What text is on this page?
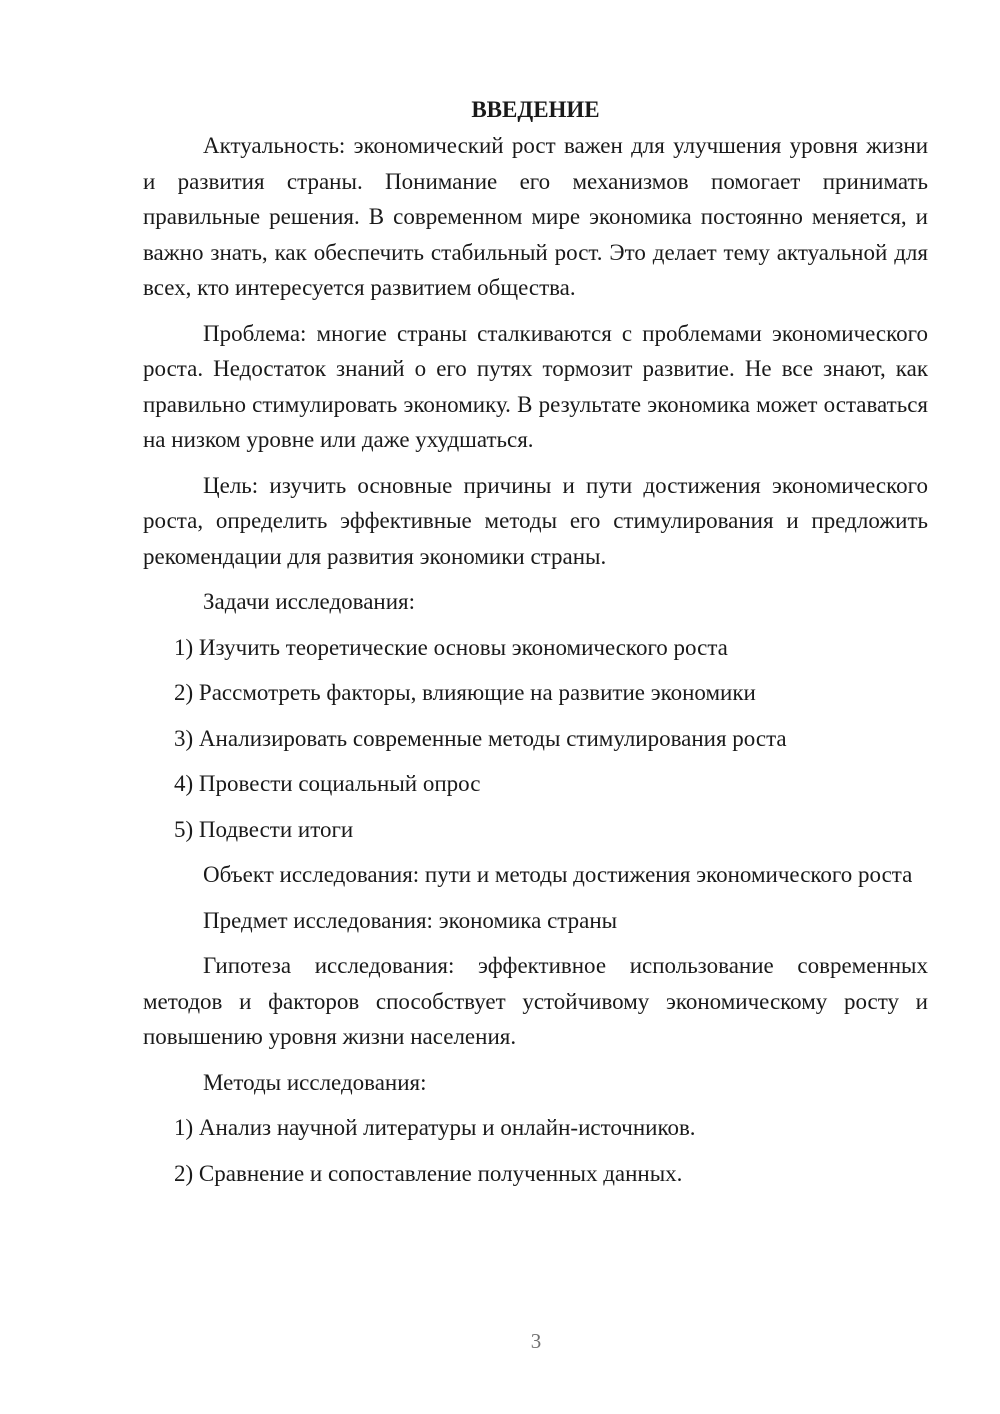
ВВЕДЕНИЕ

Актуальность: экономический рост важен для улучшения уровня жизни и развития страны. Понимание его механизмов помогает принимать правильные решения. В современном мире экономика постоянно меняется, и важно знать, как обеспечить стабильный рост. Это делает тему актуальной для всех, кто интересуется развитием общества.

Проблема: многие страны сталкиваются с проблемами экономического роста. Недостаток знаний о его путях тормозит развитие. Не все знают, как правильно стимулировать экономику. В результате экономика может оставаться на низком уровне или даже ухудшаться.

Цель: изучить основные причины и пути достижения экономического роста, определить эффективные методы его стимулирования и предложить рекомендации для развития экономики страны.

Задачи исследования:

1) Изучить теоретические основы экономического роста

2) Рассмотреть факторы, влияющие на развитие экономики

3) Анализировать современные методы стимулирования роста

4) Провести социальный опрос

5) Подвести итоги

Объект исследования: пути и методы достижения экономического роста

Предмет исследования: экономика страны

Гипотеза исследования: эффективное использование современных методов и факторов способствует устойчивому экономическому росту и повышению уровня жизни населения.

Методы исследования:

1) Анализ научной литературы и онлайн-источников.

2) Сравнение и сопоставление полученных данных.

3
